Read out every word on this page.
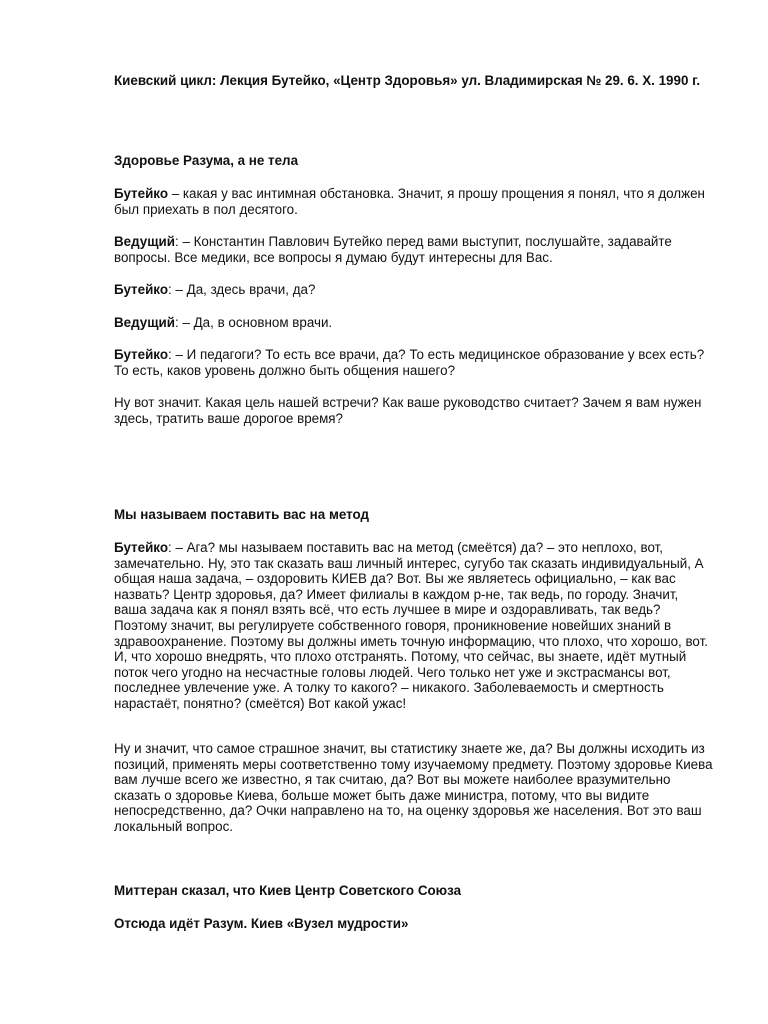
Киевский цикл: Лекция Бутейко, «Центр Здоровья» ул. Владимирская № 29. 6. Х. 1990 г.

Здоровье Разума, а не тела

Бутейко – какая у вас интимная обстановка. Значит, я прошу прощения я понял, что я должен был приехать в пол десятого.

Ведущий: – Константин Павлович Бутейко перед вами выступит, послушайте, задавайте вопросы. Все медики, все вопросы я думаю будут интересны для Вас.

Бутейко: – Да, здесь врачи, да?

Ведущий: – Да, в основном врачи.

Бутейко: – И педагоги? То есть все врачи, да? То есть медицинское образование у всех есть? То есть, каков уровень должно быть общения нашего?

Ну вот значит. Какая цель нашей встречи? Как ваше руководство считает? Зачем я вам нужен здесь, тратить ваше дорогое время?

Мы называем поставить вас на метод

Бутейко: – Ага? мы называем поставить вас на метод (смеётся) да? – это неплохо, вот, замечательно. Ну, это так сказать ваш личный интерес, сугубо так сказать индивидуальный, А общая наша задача, – оздоровить КИЕВ да? Вот. Вы же являетесь официально, – как вас назвать? Центр здоровья, да? Имеет филиалы в каждом р-не, так ведь, по городу. Значит, ваша задача как я понял взять всё, что есть лучшее в мире и оздоравливать, так ведь? Поэтому значит, вы регулируете собственного говоря, проникновение новейших знаний в здравоохранение. Поэтому вы должны иметь точную информацию, что плохо, что хорошо, вот. И, что хорошо внедрять, что плохо отстранять. Потому, что сейчас, вы знаете, идёт мутный поток чего угодно на несчастные головы людей. Чего только нет уже и экстрасмансы вот, последнее увлечение уже. А толку то какого? – никакого. Заболеваемость и смертность нарастаёт, понятно? (смеётся) Вот какой ужас!

Ну и значит, что самое страшное значит, вы статистику знаете же, да? Вы должны исходить из позиций, применять меры соответственно тому изучаемому предмету. Поэтому здоровье Киева вам лучше всего же известно, я так считаю, да? Вот вы можете наиболее вразумительно сказать о здоровье Киева, больше может быть даже министра, потому, что вы видите непосредственно, да? Очки направлено на то, на оценку здоровья же населения. Вот это ваш локальный вопрос.

Миттеран сказал, что Киев Центр Советского Союза

Отсюда идёт Разум. Киев «Вузел мудрости»
